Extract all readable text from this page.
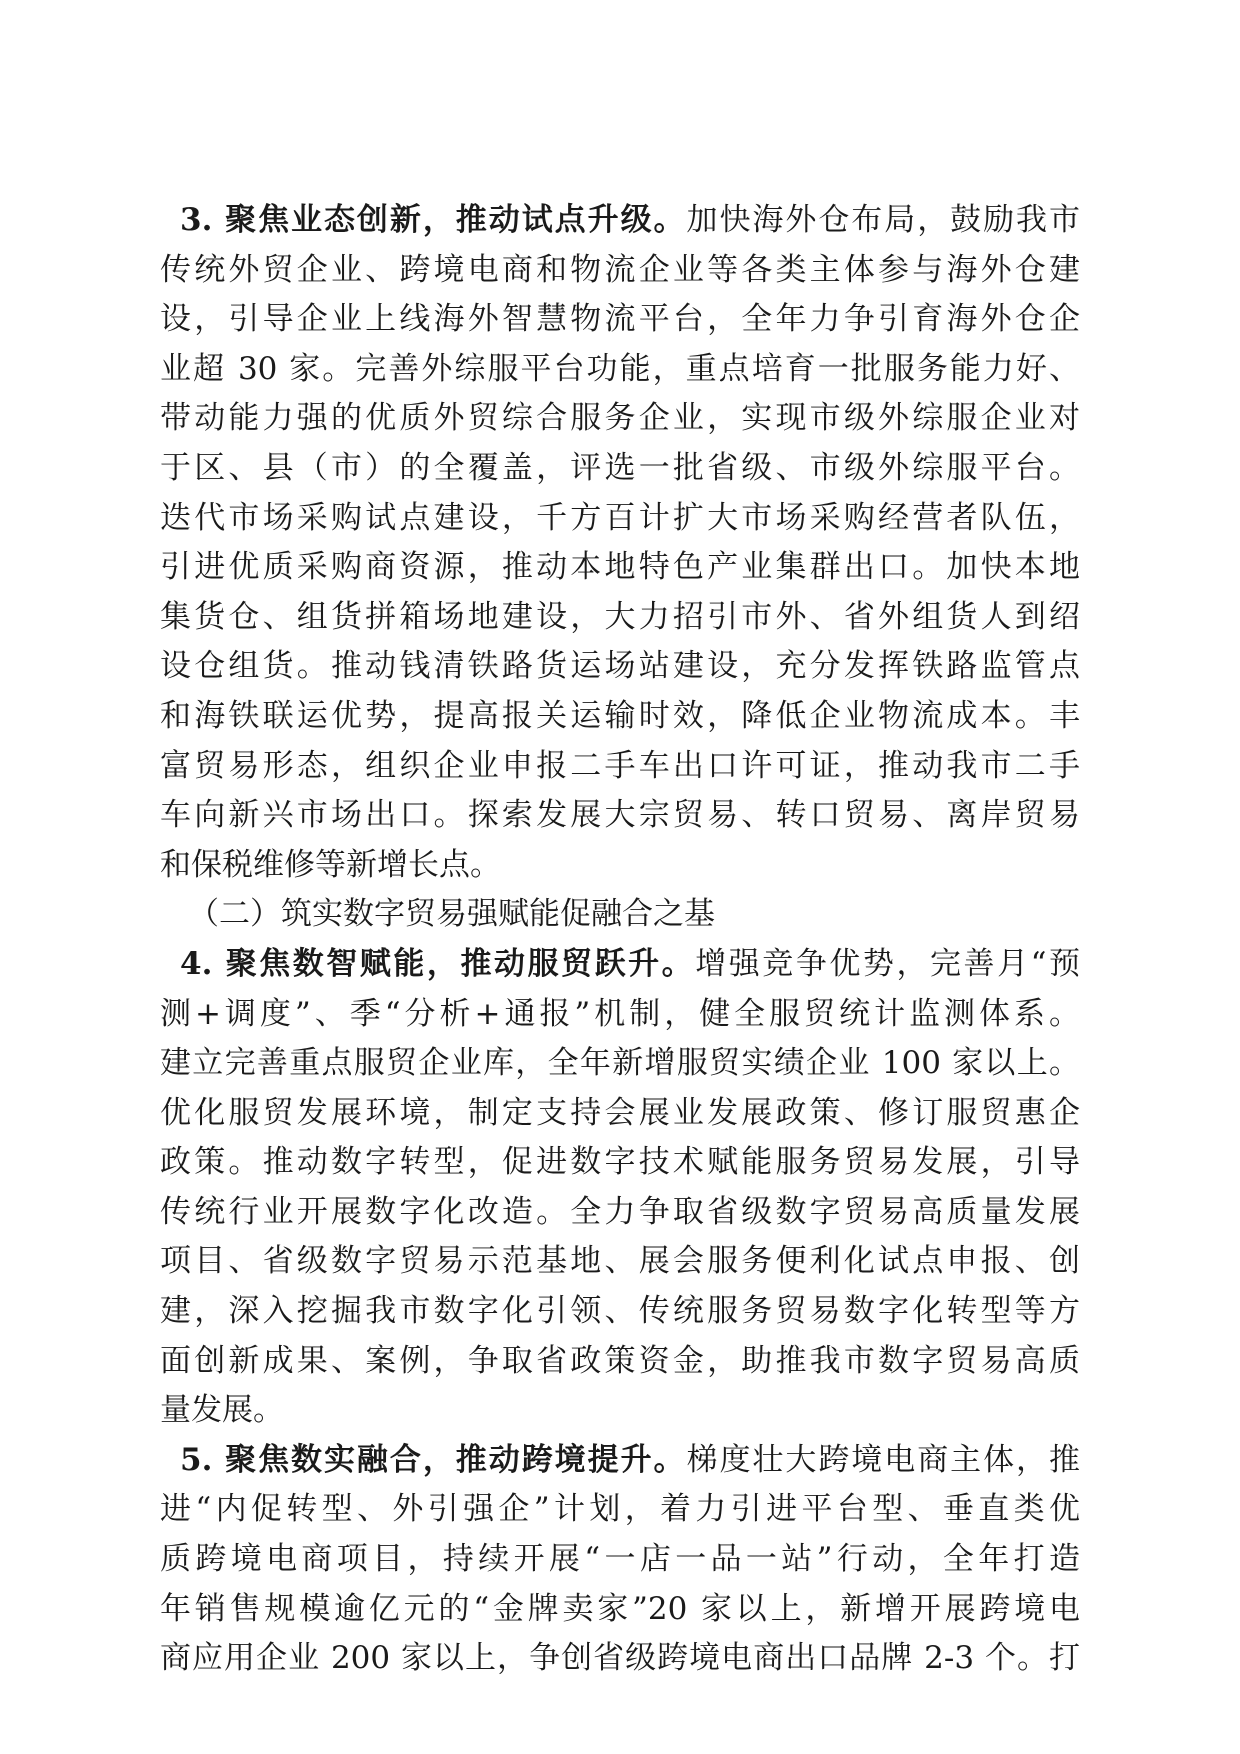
3. 聚焦业态创新，推动试点升级。加快海外仓布局，鼓励我市
传统外贸企业、跨境电商和物流企业等各类主体参与海外仓建
设，引导企业上线海外智慧物流平台，全年力争引育海外仓企
业超 30 家。完善外综服平台功能，重点培育一批服务能力好、
带动能力强的优质外贸综合服务企业，实现市级外综服企业对
于区、县（市）的全覆盖，评选一批省级、市级外综服平台。
迭代市场采购试点建设，千方百计扩大市场采购经营者队伍，
引进优质采购商资源，推动本地特色产业集群出口。加快本地
集货仓、组货拼箱场地建设，大力招引市外、省外组货人到绍
设仓组货。推动钱清铁路货运场站建设，充分发挥铁路监管点
和海铁联运优势，提高报关运输时效，降低企业物流成本。丰
富贸易形态，组织企业申报二手车出口许可证，推动我市二手
车向新兴市场出口。探索发展大宗贸易、转口贸易、离岸贸易
和保税维修等新增长点。
（二）筑实数字贸易强赋能促融合之基
4. 聚焦数智赋能，推动服贸跃升。增强竞争优势，完善月“预
测+调度”、季“分析+通报”机制，健全服贸统计监测体系。
建立完善重点服贸企业库，全年新增服贸实绩企业 100 家以上。
优化服贸发展环境，制定支持会展业发展政策、修订服贸惠企
政策。推动数字转型，促进数字技术赋能服务贸易发展，引导
传统行业开展数字化改造。全力争取省级数字贸易高质量发展
项目、省级数字贸易示范基地、展会服务便利化试点申报、创
建，深入挖掘我市数字化引领、传统服务贸易数字化转型等方
面创新成果、案例，争取省政策资金，助推我市数字贸易高质
量发展。
5. 聚焦数实融合，推动跨境提升。梯度壮大跨境电商主体，推
进“内促转型、外引强企”计划，着力引进平台型、垂直类优
质跨境电商项目，持续开展“一店一品一站”行动，全年打造
年销售规模逾亿元的“金牌卖家”20 家以上，新增开展跨境电
商应用企业 200 家以上，争创省级跨境电商出口品牌 2-3 个。打
